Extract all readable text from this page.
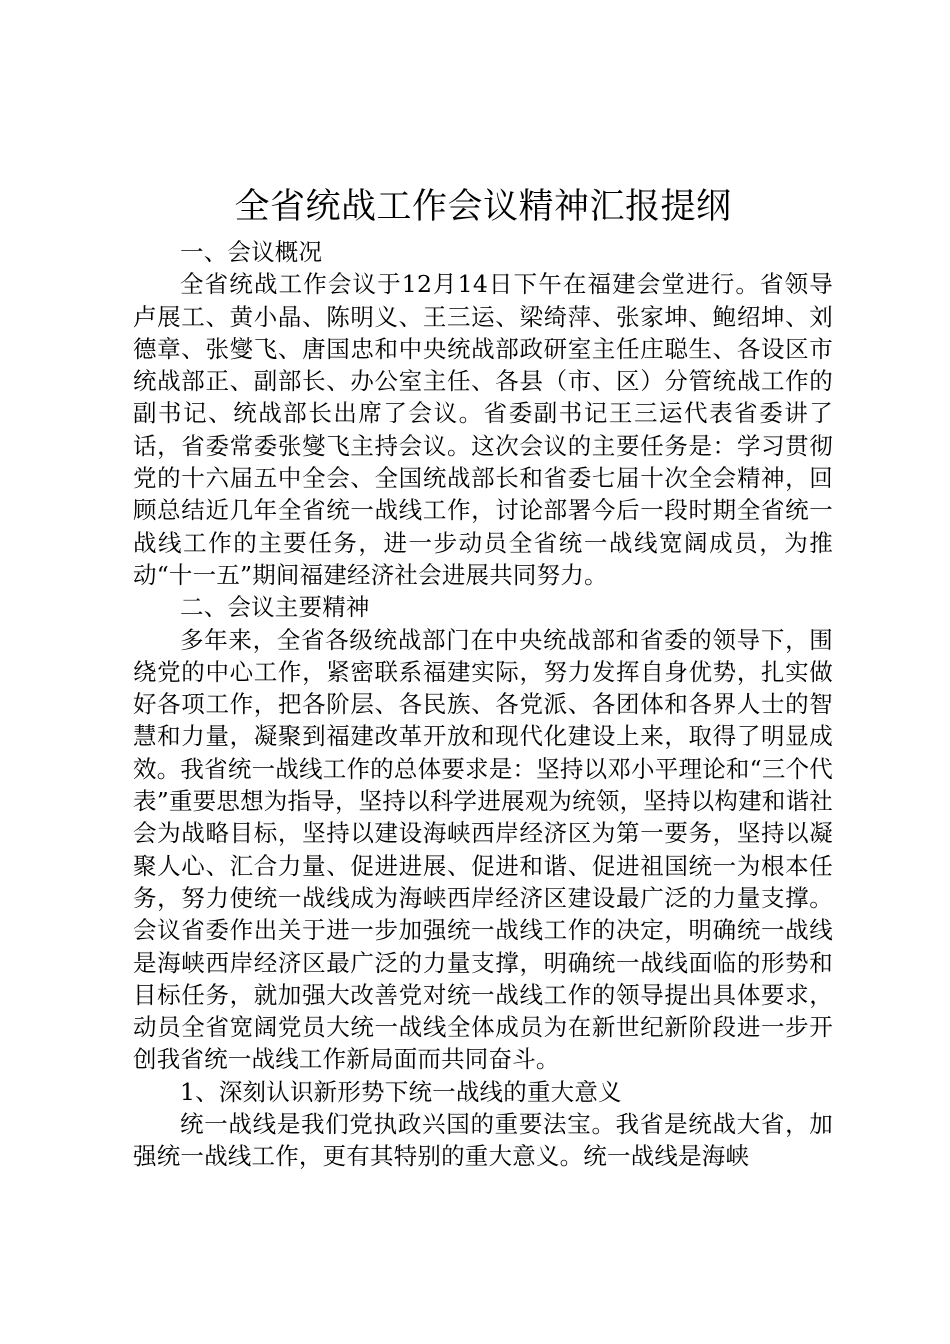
全省统战工作会议精神汇报提纲

一、会议概况

全省统战工作会议于12月14日下午在福建会堂进行。省领导卢展工、黄小晶、陈明义、王三运、梁绮萍、张家坤、鲍绍坤、刘德章、张燮飞、唐国忠和中央统战部政研室主任庄聪生、各设区市统战部正、副部长、办公室主任、各县（市、区）分管统战工作的副书记、统战部长出席了会议。省委副书记王三运代表省委讲了话，省委常委张燮飞主持会议。这次会议的主要任务是：学习贯彻党的十六届五中全会、全国统战部长和省委七届十次全会精神，回顾总结近几年全省统一战线工作，讨论部署今后一段时期全省统一战线工作的主要任务，进一步动员全省统一战线宽阔成员，为推动“十一五”期间福建经济社会进展共同努力。

二、会议主要精神

多年来，全省各级统战部门在中央统战部和省委的领导下，围绕党的中心工作，紧密联系福建实际，努力发挥自身优势，扎实做好各项工作，把各阶层、各民族、各党派、各团体和各界人士的智慧和力量，凝聚到福建改革开放和现代化建设上来，取得了明显成效。我省统一战线工作的总体要求是：坚持以邓小平理论和“三个代表”重要思想为指导，坚持以科学进展观为统领，坚持以构建和谐社会为战略目标，坚持以建设海峡西岸经济区为第一要务，坚持以凝聚人心、汇合力量、促进进展、促进和谐、促进祖国统一为根本任务，努力使统一战线成为海峡西岸经济区建设最广泛的力量支撑。会议省委作出关于进一步加强统一战线工作的决定，明确统一战线是海峡西岸经济区最广泛的力量支撑，明确统一战线面临的形势和目标任务，就加强大改善党对统一战线工作的领导提出具体要求，动员全省宽阔党员大统一战线全体成员为在新世纪新阶段进一步开创我省统一战线工作新局面而共同奋斗。

1、深刻认识新形势下统一战线的重大意义

统一战线是我们党执政兴国的重要法宝。我省是统战大省，加强统一战线工作，更有其特别的重大意义。统一战线是海峡
